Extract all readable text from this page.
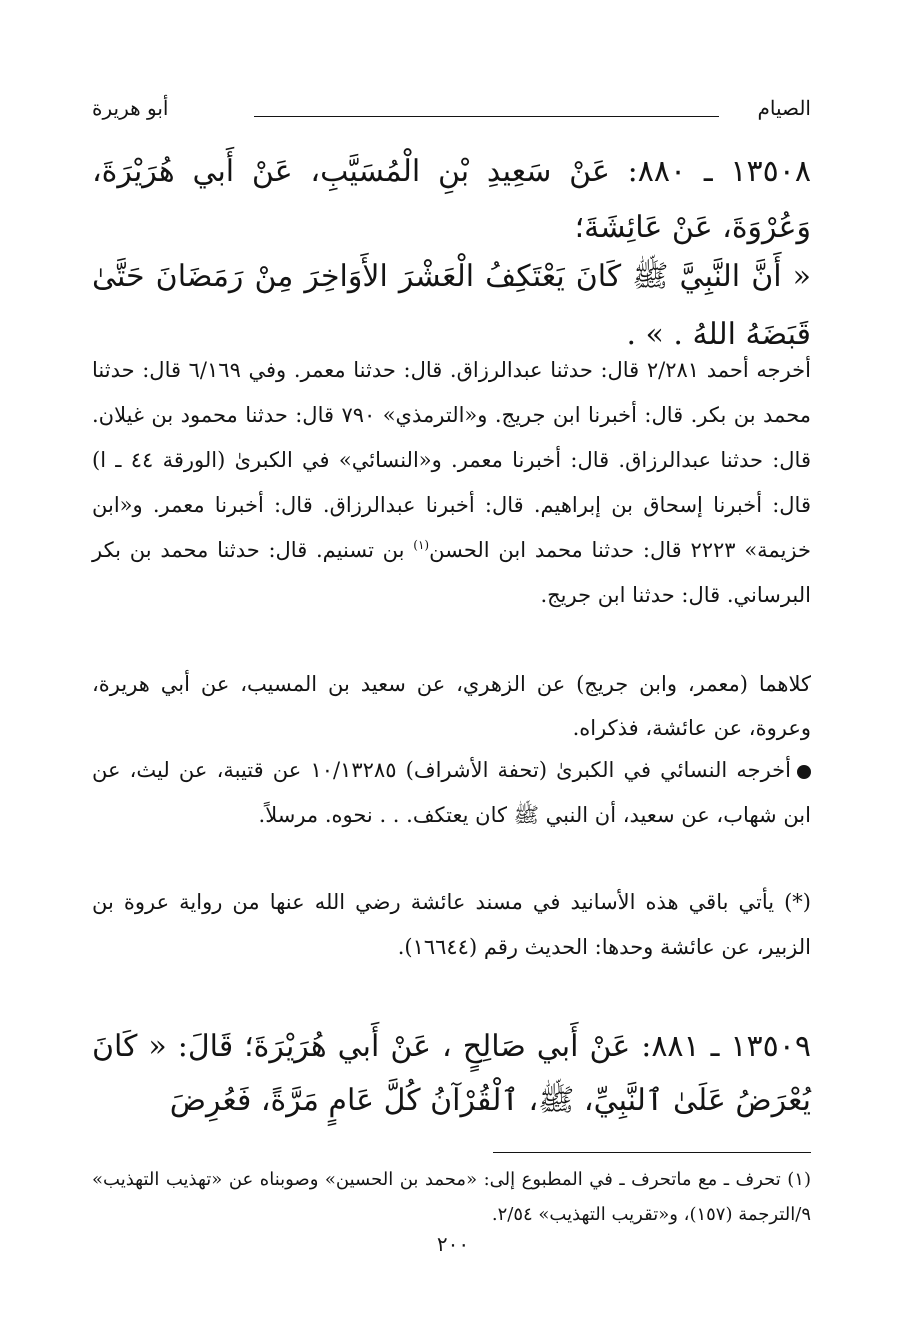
الصيام
أبو هريرة
١٣٥٠٨ ـ ٨٨٠: عَنْ سَعِيدِ بْنِ الْمُسَيَّبِ، عَنْ أَبي هُرَيْرَةَ، وَعُرْوَةَ، عَنْ عَائِشَةَ؛
« أَنَّ النَّبِيَّ ﷺ كَانَ يَعْتَكِفُ الْعَشْرَ الأَوَاخِرَ مِنْ رَمَضَانَ حَتَّىٰ قَبَضَهُ اللهُ . » .
أخرجه أحمد ٢/٢٨١ قال: حدثنا عبدالرزاق. قال: حدثنا معمر. وفي ٦/١٦٩ قال: حدثنا محمد بن بكر. قال: أخبرنا ابن جريج. و«الترمذي» ٧٩٠ قال: حدثنا محمود بن غيلان. قال: حدثنا عبدالرزاق. قال: أخبرنا معمر. و«النسائي» في الكبرىٰ (الورقة ٤٤ ـ ا) قال: أخبرنا إسحاق بن إبراهيم. قال: أخبرنا عبدالرزاق. قال: أخبرنا معمر. و«ابن خزيمة» ٢٢٢٣ قال: حدثنا محمد ابن الحسن$^{(١)}$ بن تسنيم. قال: حدثنا محمد بن بكر البرساني. قال: حدثنا ابن جريج.
كلاهما (معمر، وابن جريج) عن الزهري، عن سعيد بن المسيب، عن أبي هريرة، وعروة، عن عائشة، فذكراه.
أخرجه النسائي في الكبرىٰ (تحفة الأشراف) ١٠/١٣٢٨٥ عن قتيبة، عن ليث، عن ابن شهاب، عن سعيد، أن النبي ﷺ كان يعتكف. . . نحوه. مرسلاً.
(*) يأتي باقي هذه الأسانيد في مسند عائشة رضي الله عنها من رواية عروة بن الزبير، عن عائشة وحدها: الحديث رقم (١٦٦٤٤).
١٣٥٠٩ ـ ٨٨١: عَنْ أَبي صَالِحٍ ، عَنْ أَبي هُرَيْرَةَ؛ قَالَ: « كَانَ يُعْرَضُ عَلَىٰ ٱلنَّبِيِّ، ﷺ، ٱلْقُرْآنُ كُلَّ عَامٍ مَرَّةً، فَعُرِضَ
(١) تحرف ـ مع ماتحرف ـ في المطبوع إلى: «محمد بن الحسين» وصوبناه عن «تهذيب التهذيب» ٩/الترجمة (١٥٧)، و«تقريب التهذيب» ٢/٥٤.
٢٠٠
